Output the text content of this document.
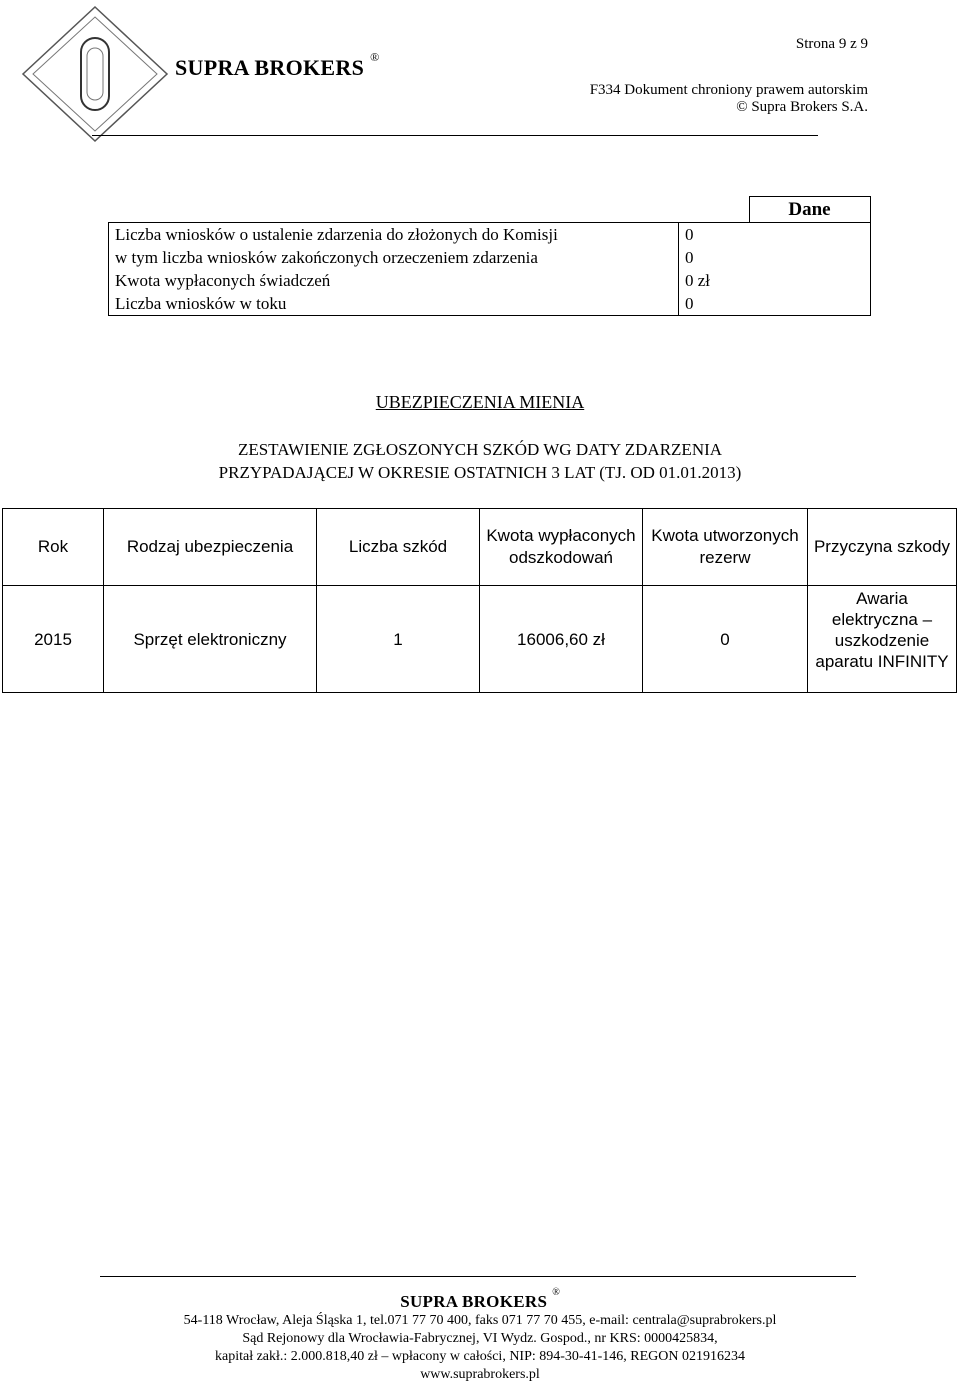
SUPRA BROKERS ®
Strona 9 z 9
F334 Dokument chroniony prawem autorskim
© Supra Brokers S.A.
		Dane
Liczba wniosków o ustalenie zdarzenia do złożonych do Komisji	0	
w tym liczba wniosków zakończonych orzeczeniem zdarzenia	0	
Kwota wypłaconych świadczeń	0 zł	
Liczba wniosków w toku	0	
UBEZPIECZENIA MIENIA
ZESTAWIENIE ZGŁOSZONYCH SZKÓD WG DATY ZDARZENIA
PRZYPADAJĄCEJ W OKRESIE OSTATNICH 3 LAT (TJ. OD 01.01.2013)
Rok	Rodzaj ubezpieczenia	Liczba szkód	Kwota wypłaconych odszkodowań	Kwota utworzonych rezerw	Przyczyna szkody
2015	Sprzęt elektroniczny	1	16006,60 zł	0	Awaria elektryczna – uszkodzenie aparatu INFINITY
SUPRA BROKERS ®
54-118 Wrocław, Aleja Śląska 1, tel.071 77 70 400, faks 071 77 70 455, e-mail: centrala@suprabrokers.pl
Sąd Rejonowy dla Wrocławia-Fabrycznej, VI Wydz. Gospod., nr KRS: 0000425834,
kapitał zakł.: 2.000.818,40 zł – wpłacony w całości, NIP: 894-30-41-146, REGON 021916234
www.suprabrokers.pl
